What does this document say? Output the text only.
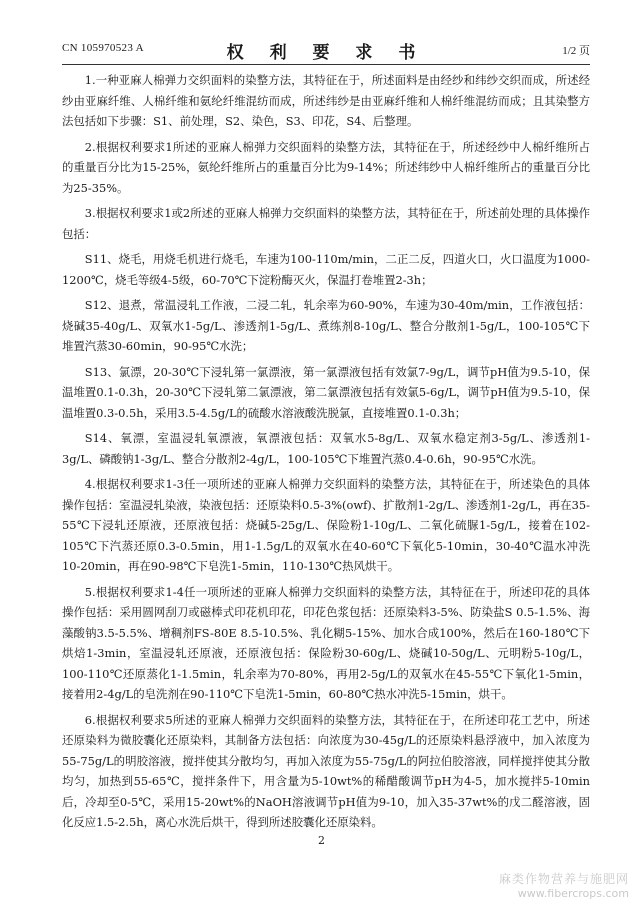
CN 105970523 A	权 利 要 求 书	1/2 页

1.一种亚麻人棉弹力交织面料的染整方法，其特征在于，所述面料是由经纱和纬纱交织而成，所述经纱由亚麻纤维、人棉纤维和氨纶纤维混纺而成，所述纬纱是由亚麻纤维和人棉纤维混纺而成；且其染整方法包括如下步骤：S1、前处理，S2、染色，S3、印花，S4、后整理。

2.根据权利要求1所述的亚麻人棉弹力交织面料的染整方法，其特征在于，所述经纱中人棉纤维所占的重量百分比为15-25%，氨纶纤维所占的重量百分比为9-14%；所述纬纱中人棉纤维所占的重量百分比为25-35%。

3.根据权利要求1或2所述的亚麻人棉弹力交织面料的染整方法，其特征在于，所述前处理的具体操作包括：

S11、烧毛，用烧毛机进行烧毛，车速为100-110m/min，二正二反，四道火口，火口温度为1000-1200℃，烧毛等级4-5级，60-70℃下淀粉酶灭火，保温打卷堆置2-3h；

S12、退煮，常温浸轧工作液，二浸二轧，轧余率为60-90%，车速为30-40m/min，工作液包括：烧碱35-40g/L、双氧水1-5g/L、渗透剂1-5g/L、煮练剂8-10g/L、整合分散剂1-5g/L，100-105℃下堆置汽蒸30-60min，90-95℃水洗；

S13、氯漂，20-30℃下浸轧第一氯漂液，第一氯漂液包括有效氯7-9g/L，调节pH值为9.5-10，保温堆置0.1-0.3h，20-30℃下浸轧第二氯漂液，第二氯漂液包括有效氯5-6g/L，调节pH值为9.5-10，保温堆置0.3-0.5h，采用3.5-4.5g/L的硫酸水溶液酸洗脱氯，直接堆置0.1-0.3h；

S14、氧漂，室温浸轧氧漂液，氧漂液包括：双氧水5-8g/L、双氧水稳定剂3-5g/L、渗透剂1-3g/L、磷酸钠1-3g/L、整合分散剂2-4g/L，100-105℃下堆置汽蒸0.4-0.6h，90-95℃水洗。

4.根据权利要求1-3任一项所述的亚麻人棉弹力交织面料的染整方法，其特征在于，所述染色的具体操作包括：室温浸轧染液，染液包括：还原染料0.5-3%(owf)、扩散剂1-2g/L、渗透剂1-2g/L，再在35-55℃下浸轧还原液，还原液包括：烧碱5-25g/L、保险粉1-10g/L、二氧化硫脲1-5g/L，接着在102-105℃下汽蒸还原0.3-0.5min，用1-1.5g/L的双氧水在40-60℃下氧化5-10min，30-40℃温水冲洗10-20min，再在90-98℃下皂洗1-5min，110-130℃热风烘干。

5.根据权利要求1-4任一项所述的亚麻人棉弹力交织面料的染整方法，其特征在于，所述印花的具体操作包括：采用圆网刮刀或磁棒式印花机印花，印花色浆包括：还原染料3-5%、防染盐S 0.5-1.5%、海藻酸钠3.5-5.5%、增稠剂FS-80E 8.5-10.5%、乳化糊5-15%、加水合成100%，然后在160-180℃下烘焙1-3min，室温浸轧还原液，还原液包括：保险粉30-60g/L、烧碱10-50g/L、元明粉5-10g/L，100-110℃还原蒸化1-1.5min，轧余率为70-80%，再用2-5g/L的双氧水在45-55℃下氧化1-5min，接着用2-4g/L的皂洗剂在90-110℃下皂洗1-5min，60-80℃热水冲洗5-15min，烘干。

6.根据权利要求5所述的亚麻人棉弹力交织面料的染整方法，其特征在于，在所述印花工艺中，所述还原染料为微胶囊化还原染料，其制备方法包括：向浓度为30-45g/L的还原染料悬浮液中，加入浓度为55-75g/L的明胶溶液，搅拌使其分散均匀，再加入浓度为55-75g/L的阿拉伯胶溶液，同样搅拌使其分散均匀，加热到55-65℃，搅拌条件下，用含量为5-10wt%的稀醋酸调节pH为4-5，加水搅拌5-10min后，冷却至0-5℃，采用15-20wt%的NaOH溶液调节pH值为9-10，加入35-37wt%的戊二醛溶液，固化反应1.5-2.5h，离心水洗后烘干，得到所述胶囊化还原染料。

2
麻类作物营养与施肥网
www.fibercrops.com
